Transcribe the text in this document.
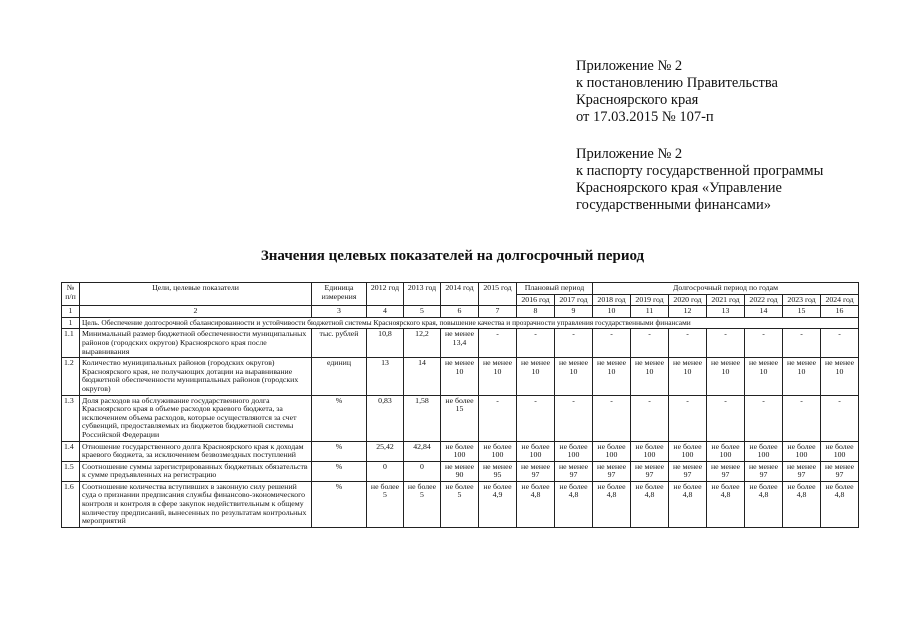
Приложение № 2
к постановлению Правительства
Красноярского края
от 17.03.2015 № 107-п
Приложение № 2
к паспорту государственной программы
Красноярского края «Управление
государственными финансами»
Значения целевых показателей на долгосрочный период
№ п/п	Цели, целевые показатели	Единица измерения	2012 год	2013 год	2014 год	2015 год	Плановый период		Долгосрочный период по годам						
							2016 год	2017 год	2018 год	2019 год	2020 год	2021 год	2022 год	2023 год	2024 год
1	2	3	4	5	6	7	8	9	10	11	12	13	14	15	16
1	Цель. Обеспечение долгосрочной сбалансированности и устойчивости бюджетной системы Красноярского края, повышение качества и прозрачности управления государственными финансами														
1.1	Минимальный размер бюджетной обеспеченности муниципальных районов (городских округов) Красноярского края после выравнивания	тыс. рублей	10,8	12,2	не менее 13,4	-	-	-	-	-	-	-	-	-	-
1.2	Количество муниципальных районов (городских округов) Красноярского края, не получающих дотации на выравнивание бюджетной обеспеченности муниципальных районов (городских округов)	единиц	13	14	не менее 10	не менее 10	не менее 10	не менее 10	не менее 10	не менее 10	не менее 10	не менее 10	не менее 10	не менее 10	не менее 10
1.3	Доля расходов на обслуживание государственного долга Красноярского края в объеме расходов краевого бюджета, за исключением объема расходов, которые осуществляются за счет субвенций, предоставляемых из бюджетов бюджетной системы Российской Федерации	%	0,83	1,58	не более 15	-	-	-	-	-	-	-	-	-	-
1.4	Отношение государственного долга Красноярского края к доходам краевого бюджета, за исключением безвозмездных поступлений	%	25,42	42,84	не более 100	не более 100	не более 100	не более 100	не более 100	не более 100	не более 100	не более 100	не более 100	не более 100	не более 100
1.5	Соотношение суммы зарегистрированных бюджетных обязательств к сумме предъявленных на регистрацию	%	0	0	не менее 90	не менее 95	не менее 97	не менее 97	не менее 97	не менее 97	не менее 97	не менее 97	не менее 97	не менее 97	не менее 97
1.6	Соотношение количества вступивших в законную силу решений суда о признании предписания службы финансово-экономического контроля и контроля в сфере закупок недействительным к общему количеству предписаний, вынесенных по результатам контрольных мероприятий	%	не более 5	не более 5	не более 5	не более 4,9	не более 4,8	не более 4,8	не более 4,8	не более 4,8	не более 4,8	не более 4,8	не более 4,8	не более 4,8	не более 4,8
